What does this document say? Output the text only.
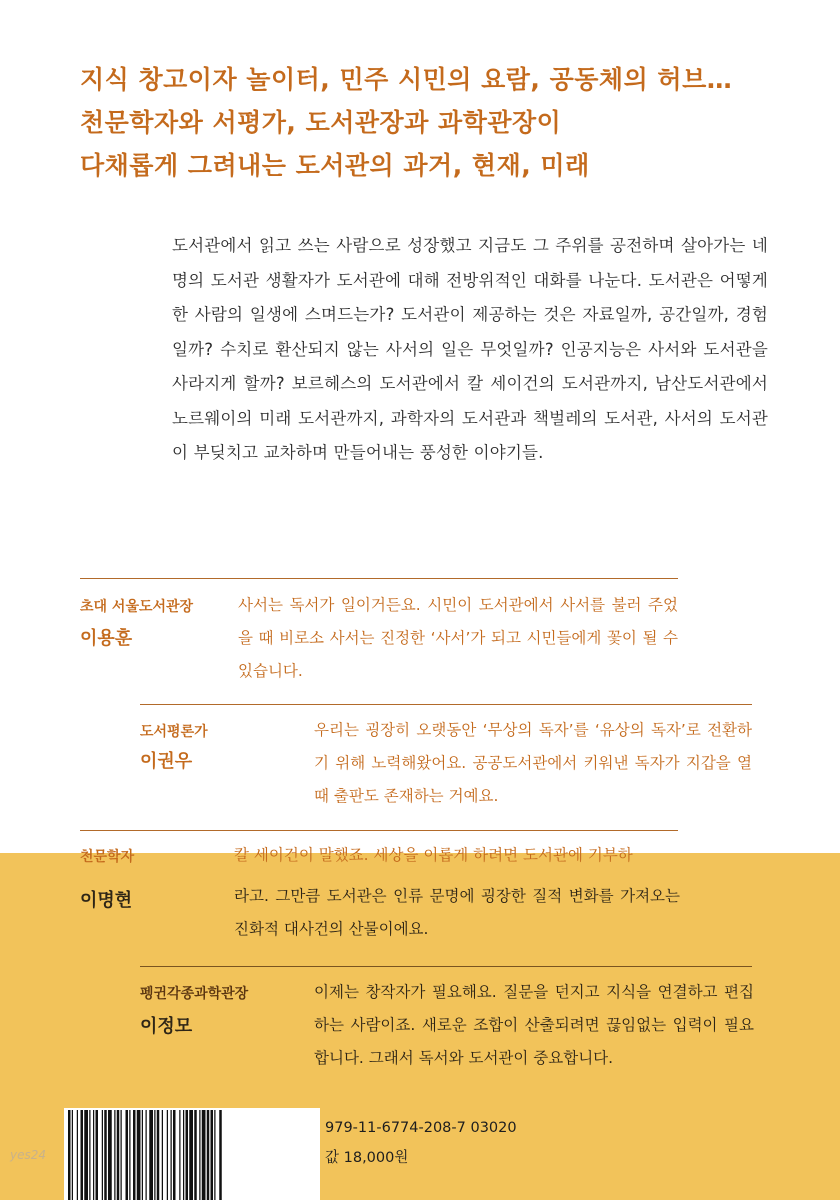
지식 창고이자 놀이터, 민주 시민의 요람, 공동체의 허브…
천문학자와 서평가, 도서관장과 과학관장이
다채롭게 그려내는 도서관의 과거, 현재, 미래
도서관에서 읽고 쓰는 사람으로 성장했고 지금도 그 주위를 공전하며 살아가는 네 명의 도서관 생활자가 도서관에 대해 전방위적인 대화를 나눈다. 도서관은 어떻게 한 사람의 일생에 스며드는가? 도서관이 제공하는 것은 자료일까, 공간일까, 경험일까? 수치로 환산되지 않는 사서의 일은 무엇일까? 인공지능은 사서와 도서관을 사라지게 할까? 보르헤스의 도서관에서 칼 세이건의 도서관까지, 남산도서관에서 노르웨이의 미래 도서관까지, 과학자의 도서관과 책벌레의 도서관, 사서의 도서관이 부딪치고 교차하며 만들어내는 풍성한 이야기들.
초대 서울도서관장
이용훈
사서는 독서가 일이거든요. 시민이 도서관에서 사서를 불러 주었을 때 비로소 사서는 진정한 ‘사서’가 되고 시민들에게 꽃이 될 수 있습니다.
도서평론가
이권우
우리는 굉장히 오랫동안 ‘무상의 독자’를 ‘유상의 독자’로 전환하기 위해 노력해왔어요. 공공도서관에서 키워낸 독자가 지갑을 열 때 출판도 존재하는 거예요.
천문학자	칼 세이건이 말했죠. 세상을 이롭게 하려면 도서관에 기부하
이명현	라고. 그만큼 도서관은 인류 문명에 굉장한 질적 변화를 가져오는 진화적 대사건의 산물이에요.
펭귄각종과학관장
이정모
이제는 창작자가 필요해요. 질문을 던지고 지식을 연결하고 편집하는 사람이죠. 새로운 조합이 산출되려면 끊임없는 입력이 필요합니다. 그래서 독서와 도서관이 중요합니다.
979-11-6774-208-7 03020
값 18,000원
yes24
